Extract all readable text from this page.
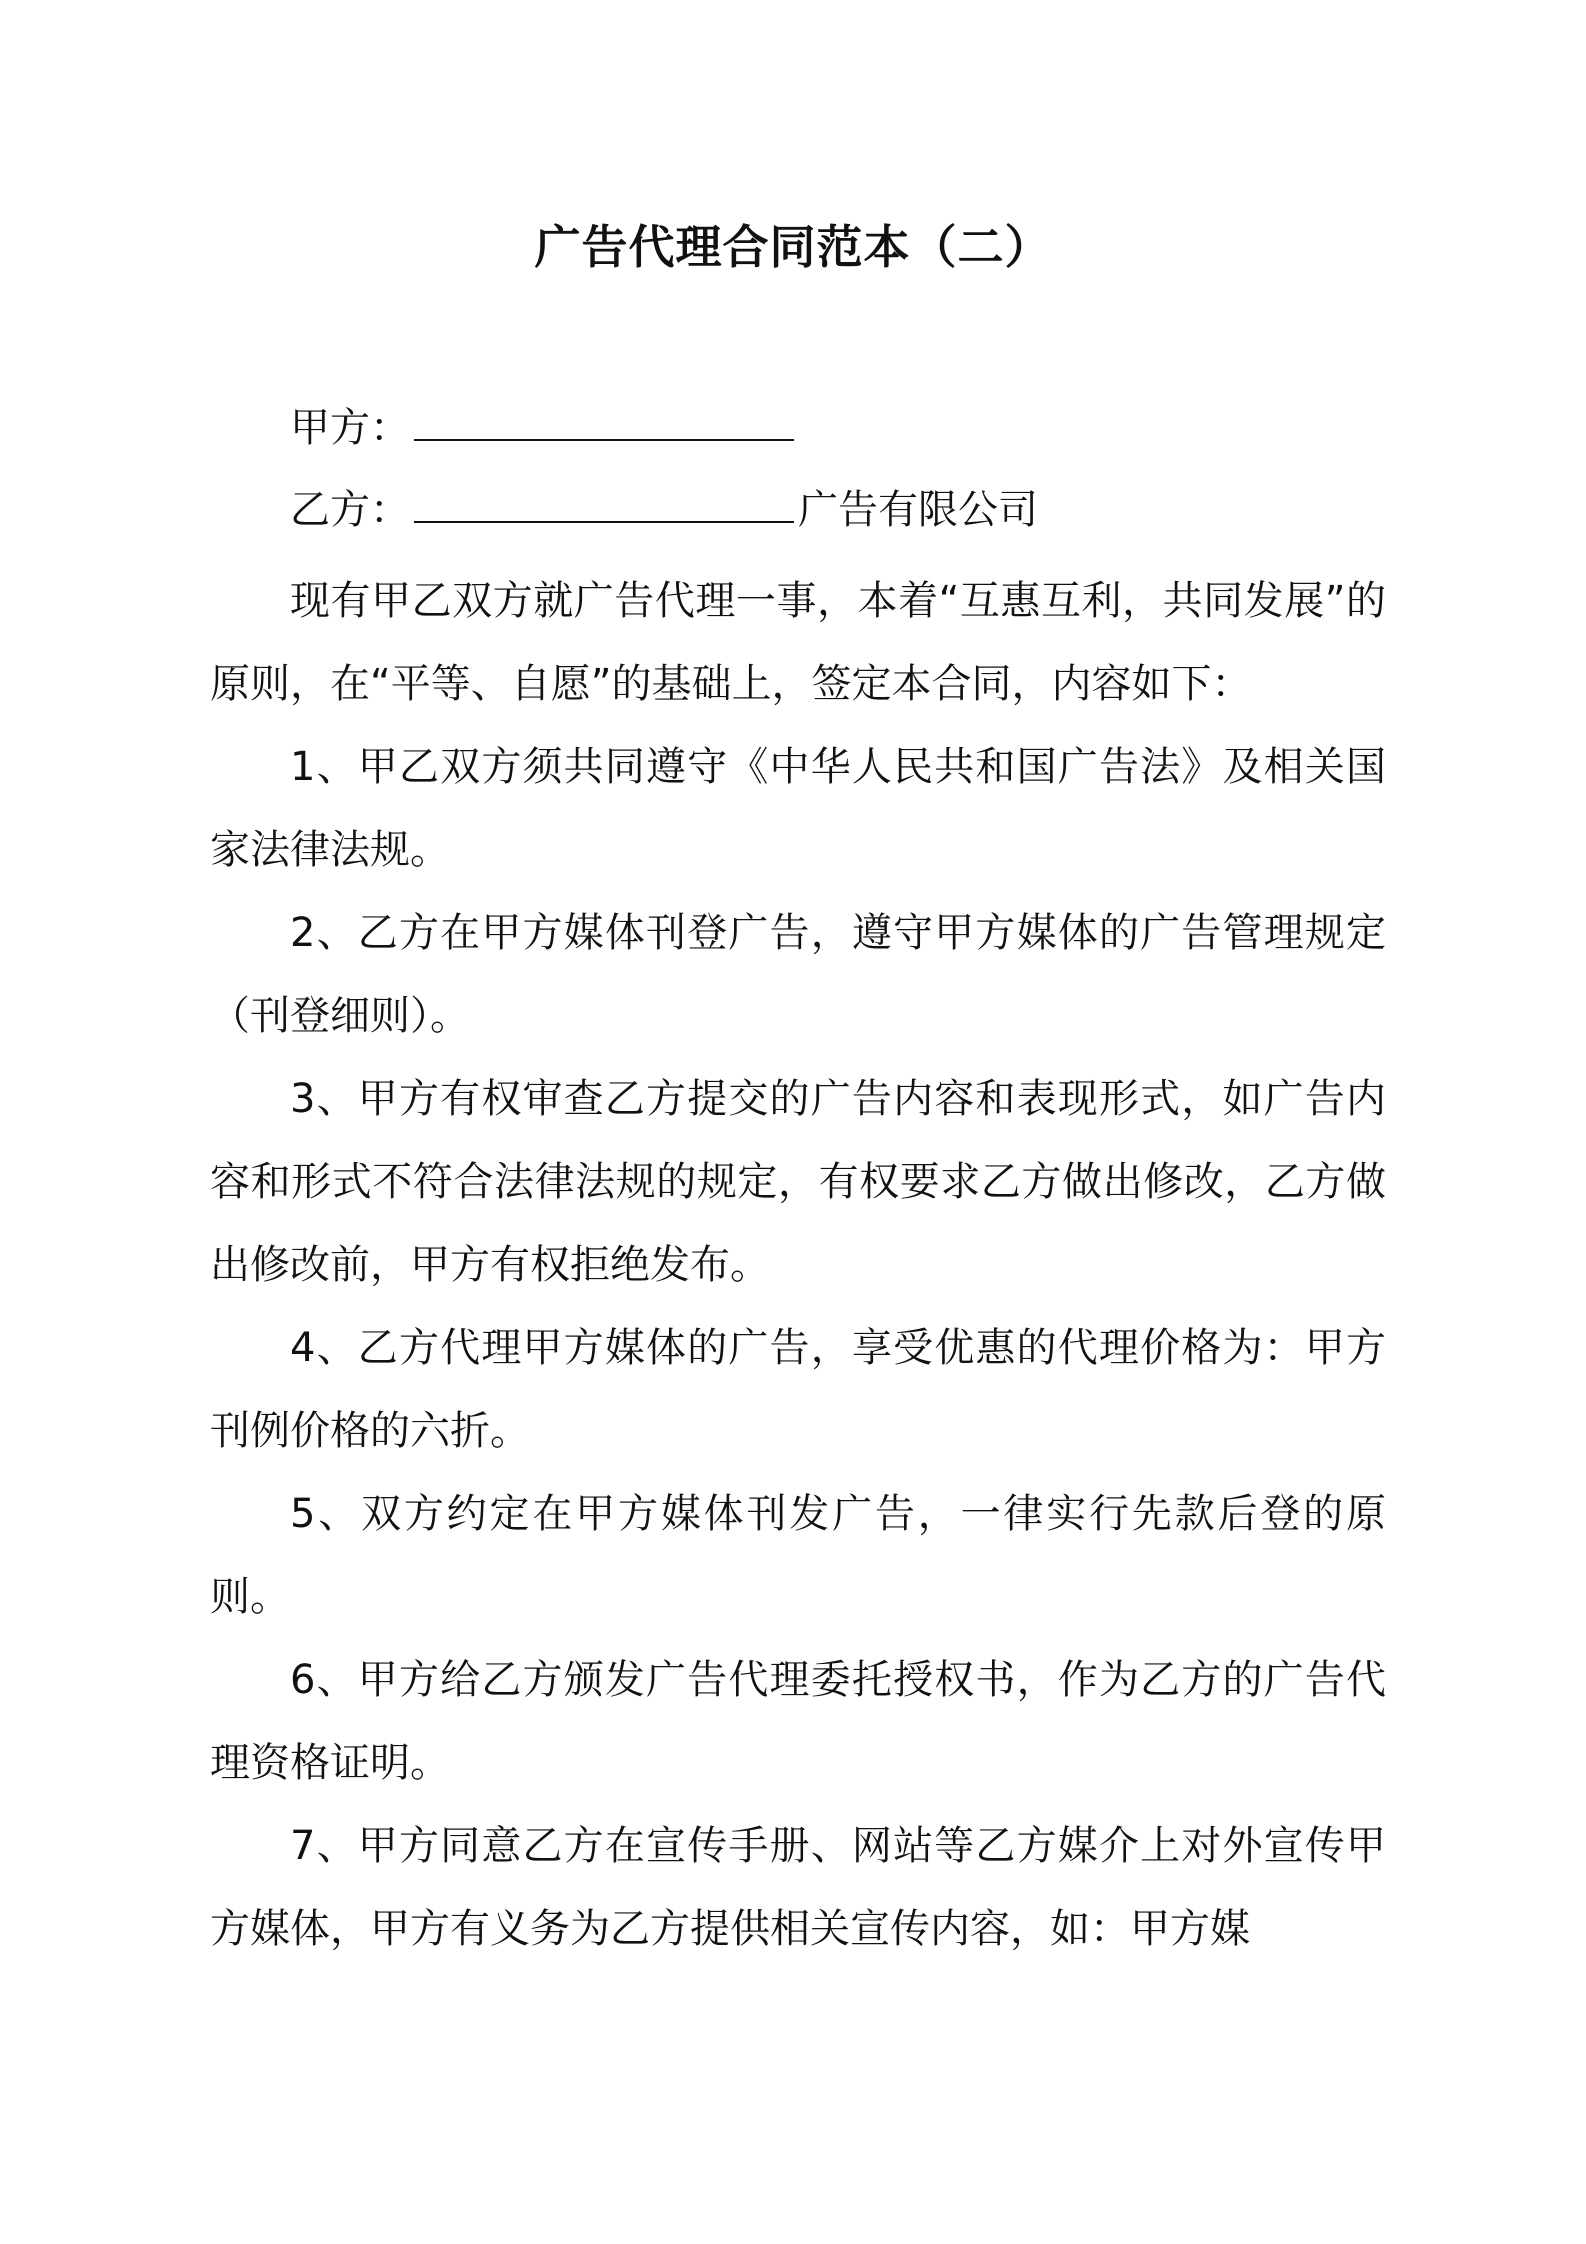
广告代理合同范本（二）
甲方：
乙方：	广告有限公司

现有甲乙双方就广告代理一事，本着“互惠互利，共同发展”的原则，在“平等、自愿”的基础上，签定本合同，内容如下：

1、甲乙双方须共同遵守《中华人民共和国广告法》及相关国家法律法规。

2、乙方在甲方媒体刊登广告，遵守甲方媒体的广告管理规定（刊登细则）。

3、甲方有权审查乙方提交的广告内容和表现形式，如广告内容和形式不符合法律法规的规定，有权要求乙方做出修改，乙方做出修改前，甲方有权拒绝发布。

4、乙方代理甲方媒体的广告，享受优惠的代理价格为：甲方刊例价格的六折。

5、双方约定在甲方媒体刊发广告，一律实行先款后登的原则。

6、甲方给乙方颁发广告代理委托授权书，作为乙方的广告代理资格证明。

7、甲方同意乙方在宣传手册、网站等乙方媒介上对外宣传甲方媒体，甲方有义务为乙方提供相关宣传内容，如：甲方媒
